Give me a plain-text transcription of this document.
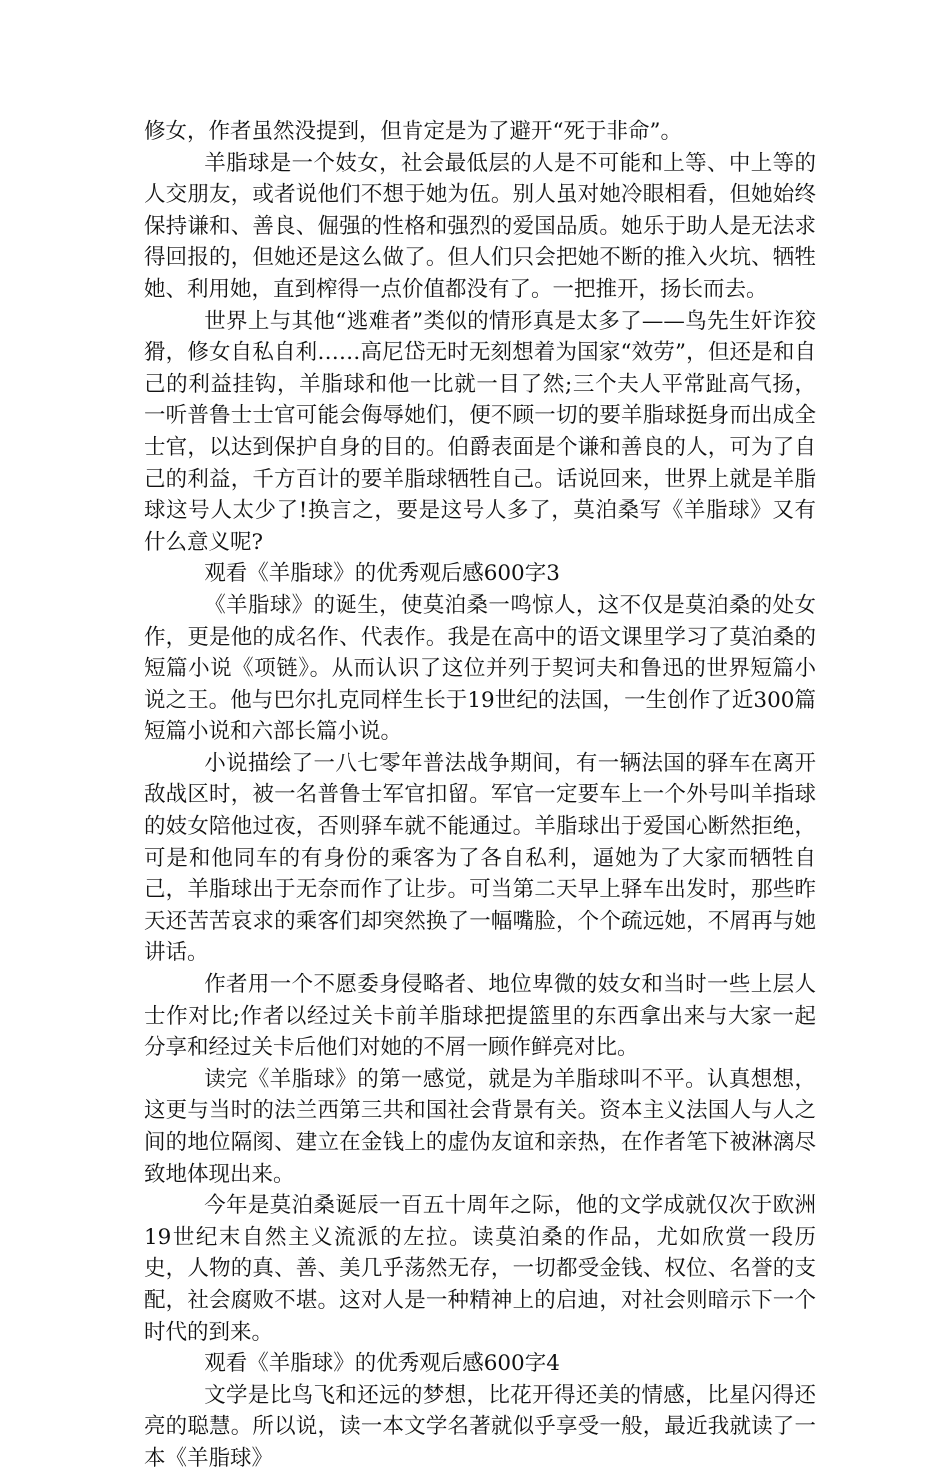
修女，作者虽然没提到，但肯定是为了避开“死于非命”。

羊脂球是一个妓女，社会最低层的人是不可能和上等、中上等的人交朋友，或者说他们不想于她为伍。别人虽对她冷眼相看，但她始终保持谦和、善良、倔强的性格和强烈的爱国品质。她乐于助人是无法求得回报的，但她还是这么做了。但人们只会把她不断的推入火坑、牺牲她、利用她，直到榨得一点价值都没有了。一把推开，扬长而去。

世界上与其他“逃难者”类似的情形真是太多了——鸟先生奸诈狡猾，修女自私自利……高尼岱无时无刻想着为国家“效劳”，但还是和自己的利益挂钩，羊脂球和他一比就一目了然;三个夫人平常趾高气扬，一听普鲁士士官可能会侮辱她们，便不顾一切的要羊脂球挺身而出成全士官，以达到保护自身的目的。伯爵表面是个谦和善良的人，可为了自己的利益，千方百计的要羊脂球牺牲自己。话说回来，世界上就是羊脂球这号人太少了!换言之，要是这号人多了，莫泊桑写《羊脂球》又有什么意义呢?

观看《羊脂球》的优秀观后感600字3

《羊脂球》的诞生，使莫泊桑一鸣惊人，这不仅是莫泊桑的处女作，更是他的成名作、代表作。我是在高中的语文课里学习了莫泊桑的短篇小说《项链》。从而认识了这位并列于契诃夫和鲁迅的世界短篇小说之王。他与巴尔扎克同样生长于19世纪的法国，一生创作了近300篇短篇小说和六部长篇小说。

小说描绘了一八七零年普法战争期间，有一辆法国的驿车在离开敌战区时，被一名普鲁士军官扣留。军官一定要车上一个外号叫羊指球的妓女陪他过夜，否则驿车就不能通过。羊脂球出于爱国心断然拒绝，可是和他同车的有身份的乘客为了各自私利，逼她为了大家而牺牲自己，羊脂球出于无奈而作了让步。可当第二天早上驿车出发时，那些昨天还苦苦哀求的乘客们却突然换了一幅嘴脸，个个疏远她，不屑再与她讲话。

作者用一个不愿委身侵略者、地位卑微的妓女和当时一些上层人士作对比;作者以经过关卡前羊脂球把提篮里的东西拿出来与大家一起分享和经过关卡后他们对她的不屑一顾作鲜亮对比。

读完《羊脂球》的第一感觉，就是为羊脂球叫不平。认真想想，这更与当时的法兰西第三共和国社会背景有关。资本主义法国人与人之间的地位隔阂、建立在金钱上的虚伪友谊和亲热，在作者笔下被淋漓尽致地体现出来。

今年是莫泊桑诞辰一百五十周年之际，他的文学成就仅次于欧洲19世纪末自然主义流派的左拉。读莫泊桑的作品，尤如欣赏一段历史，人物的真、善、美几乎荡然无存，一切都受金钱、权位、名誉的支配，社会腐败不堪。这对人是一种精神上的启迪，对社会则暗示下一个时代的到来。

观看《羊脂球》的优秀观后感600字4

文学是比鸟飞和还远的梦想，比花开得还美的情感，比星闪得还亮的聪慧。所以说，读一本文学名著就似乎享受一般，最近我就读了一本《羊脂球》
